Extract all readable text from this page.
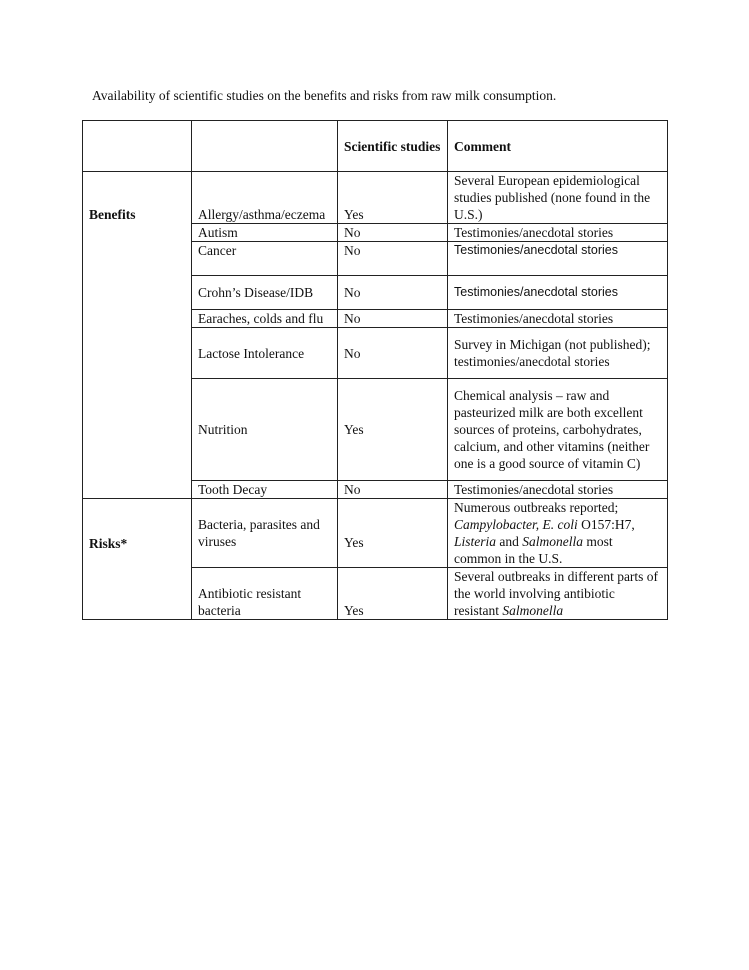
Availability of scientific studies on the benefits and risks from raw milk consumption.
		Scientific studies	Comment
Benefits	Allergy/asthma/eczema	Yes	Several European epidemiological studies published (none found in the U.S.)
	Autism	No	Testimonies/anecdotal stories
	Cancer	No	Testimonies/anecdotal stories
	Crohn’s Disease/IDB	No	Testimonies/anecdotal stories
	Earaches, colds and flu	No	Testimonies/anecdotal stories
	Lactose Intolerance	No	Survey in Michigan (not published); testimonies/anecdotal stories
	Nutrition	Yes	Chemical analysis – raw and pasteurized milk are both excellent sources of proteins, carbohydrates, calcium, and other vitamins (neither one is a good source of vitamin C)
	Tooth Decay	No	Testimonies/anecdotal stories
Risks*	Bacteria, parasites and viruses	Yes	Numerous outbreaks reported; Campylobacter, E. coli O157:H7, Listeria and Salmonella most common in the U.S.
	Antibiotic resistant bacteria	Yes	Several outbreaks in different parts of the world involving antibiotic resistant Salmonella
